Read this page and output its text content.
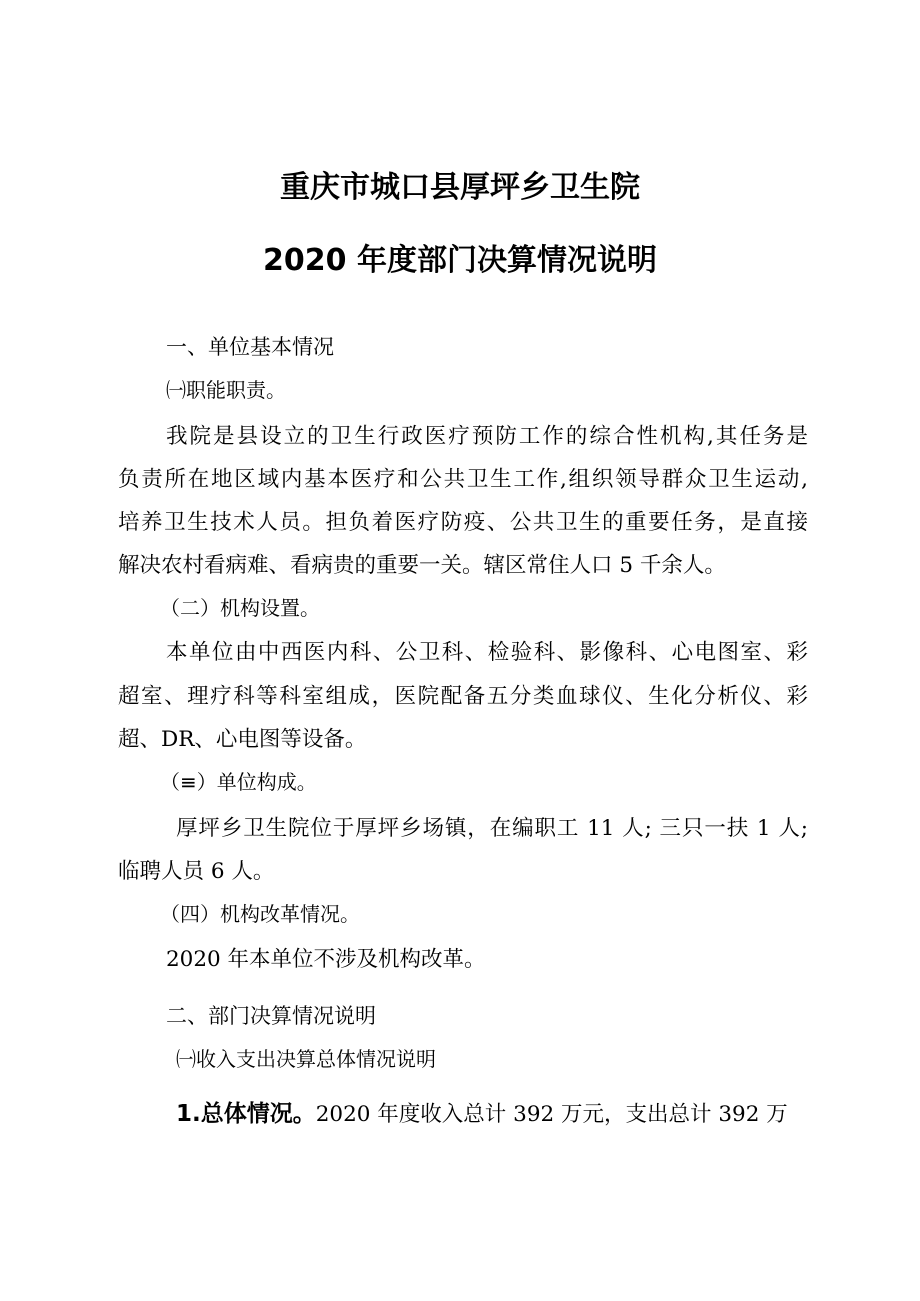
重庆市城口县厚坪乡卫生院
2020 年度部门决算情况说明
一、单位基本情况
㈠职能职责。
我院是县设立的卫生行政医疗预防工作的综合性机构,其任务是
负责所在地区域内基本医疗和公共卫生工作,组织领导群众卫生运动,
培养卫生技术人员。担负着医疗防疫、公共卫生的重要任务，是直接
解决农村看病难、看病贵的重要一关。辖区常住人口 5 千余人。
（二）机构设置。
本单位由中西医内科、公卫科、检验科、影像科、心电图室、彩
超室、理疗科等科室组成，医院配备五分类血球仪、生化分析仪、彩
超、DR、心电图等设备。
（≡）单位构成。
厚坪乡卫生院位于厚坪乡场镇，在编职工 11 人; 三只一扶 1 人;
临聘人员 6 人。
（四）机构改革情况。
2020 年本单位不涉及机构改革。
二、部门决算情况说明
㈠收入支出决算总体情况说明
1.总体情况。2020 年度收入总计 392 万元，支出总计 392 万
